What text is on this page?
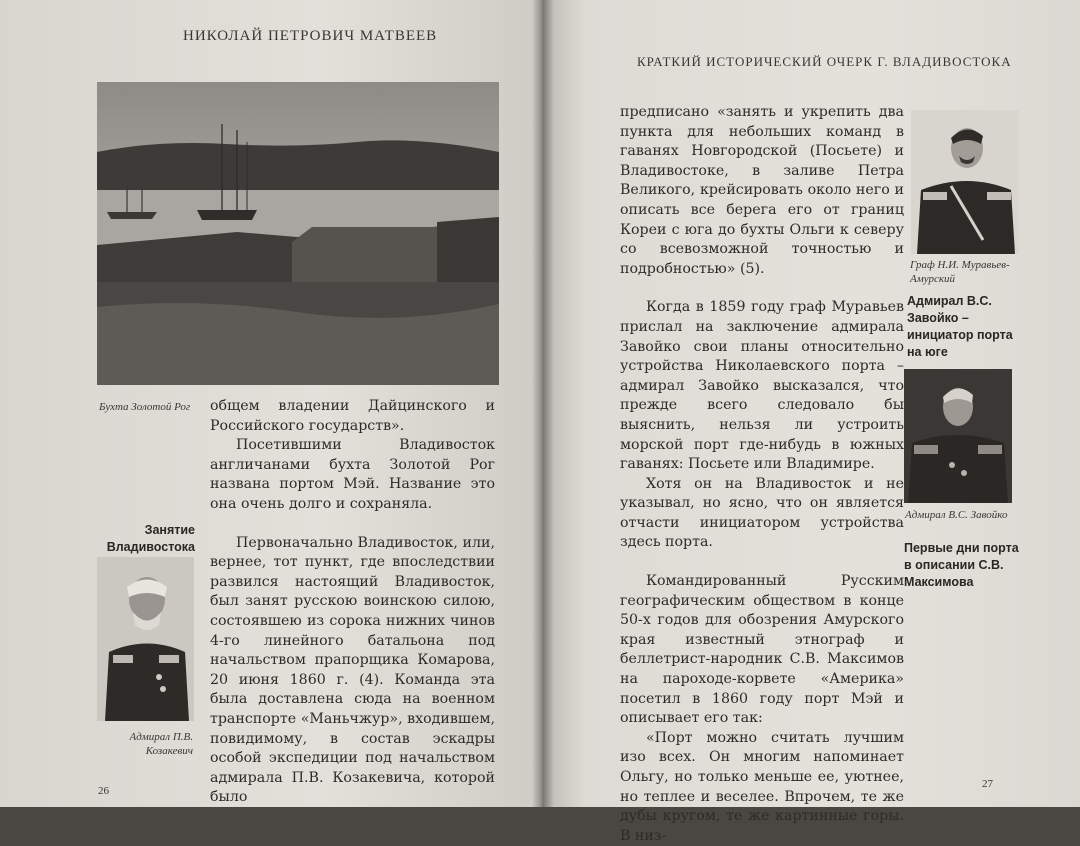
НИКОЛАЙ ПЕТРОВИЧ МАТВЕЕВ
Бухта Золотой Рог
Занятие Владивостока
Адмирал П.В. Козакевич

общем владении Дайцинского и Российского государств».

Посетившими Владивосток англичанами бухта Золотой Рог названа портом Мэй. Название это она очень долго и сохраняла.

Первоначально Владивосток, или, вернее, тот пункт, где впоследствии развился настоящий Владивосток, был занят русскою воинскою силою, состоявшею из сорока нижних чинов 4-го линейного батальона под начальством прапорщика Комарова, 20 июня 1860 г. (4). Команда эта была доставлена сюда на военном транспорте «Маньчжур», входившем, повидимому, в состав эскадры особой экспедиции под начальством адмирала П.В. Козакевича, которой было

26
КРАТКИЙ ИСТОРИЧЕСКИЙ ОЧЕРК Г. ВЛАДИВОСТОКА

предписано «занять и укрепить два пункта для небольших команд в гаванях Новгородской (Посьете) и Владивостоке, в заливе Петра Великого, крейсировать около него и описать все берега его от границ Кореи с юга до бухты Ольги к северу со всевозможной точностью и подробностью» (5).

Когда в 1859 году граф Муравьев прислал на заключение адмирала Завойко свои планы относительно устройства Николаевского порта – адмирал Завойко высказался, что прежде всего следовало бы выяснить, нельзя ли устроить морской порт где-нибудь в южных гаванях: Посьете или Владимире.

Хотя он на Владивосток и не указывал, но ясно, что он является отчасти инициатором устройства здесь порта.

Командированный Русским географическим обществом в конце 50-х годов для обозрения Амурского края известный этнограф и беллетрист-народник С.В. Максимов на пароходе-корвете «Америка» посетил в 1860 году порт Мэй и описывает его так:

«Порт можно считать лучшим изо всех. Он многим напоминает Ольгу, но только меньше ее, уютнее, но теплее и веселее. Впрочем, те же дубы кругом, те же картинные горы. В низ-

Граф Н.И. Муравьев-Амурский
Адмирал В.С. Завойко – инициатор порта на юге
Адмирал В.С. Завойко
Первые дни порта в описании С.В. Максимова
27
